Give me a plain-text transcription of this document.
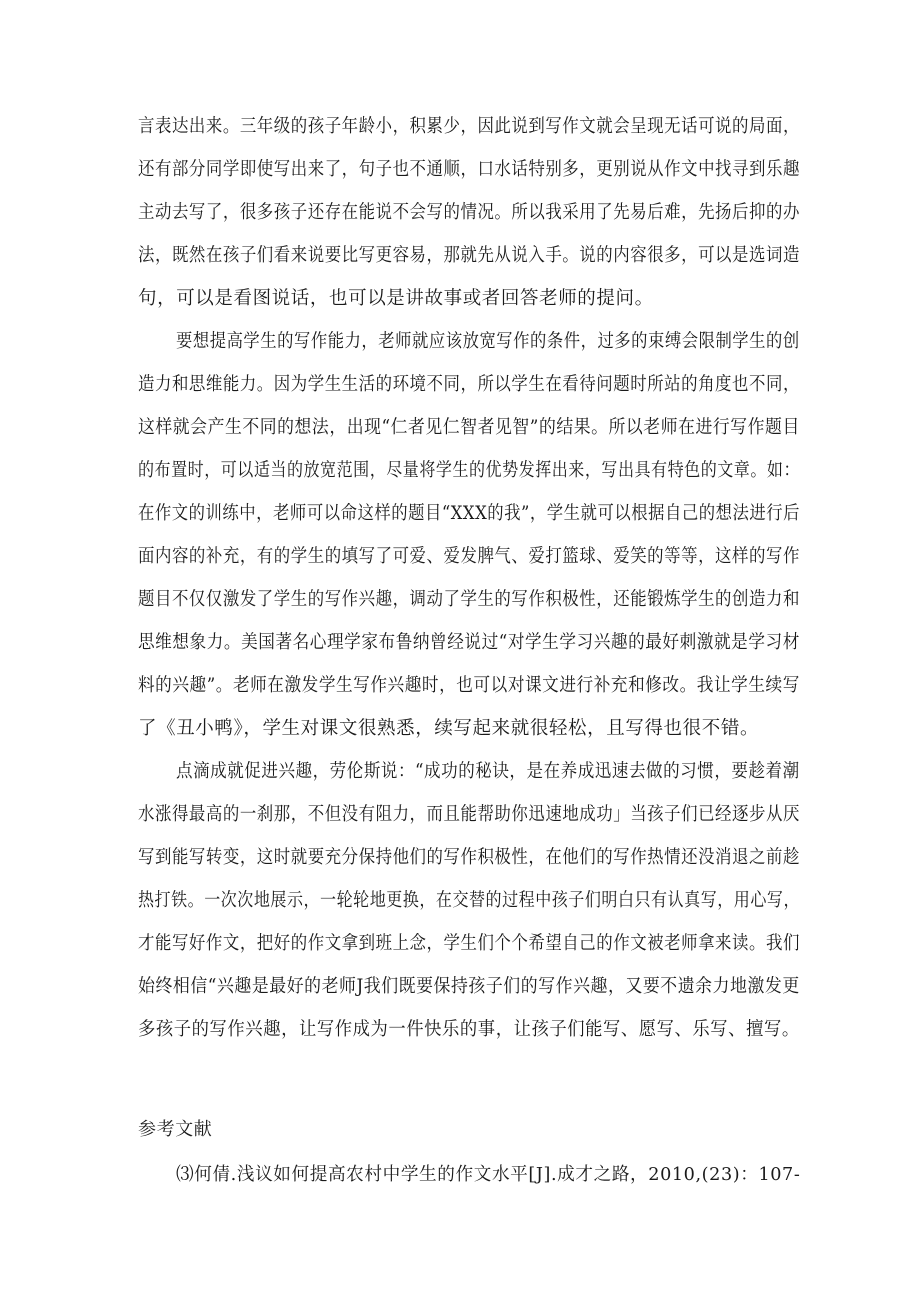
言表达出来。三年级的孩子年龄小，积累少，因此说到写作文就会呈现无话可说的局面，
还有部分同学即使写出来了，句子也不通顺，口水话特别多，更别说从作文中找寻到乐趣
主动去写了，很多孩子还存在能说不会写的情况。所以我采用了先易后难，先扬后抑的办
法，既然在孩子们看来说要比写更容易，那就先从说入手。说的内容很多，可以是选词造
句，可以是看图说话，也可以是讲故事或者回答老师的提问。
要想提高学生的写作能力，老师就应该放宽写作的条件，过多的束缚会限制学生的创
造力和思维能力。因为学生生活的环境不同，所以学生在看待问题时所站的角度也不同，
这样就会产生不同的想法，出现“仁者见仁智者见智”的结果。所以老师在进行写作题目
的布置时，可以适当的放宽范围，尽量将学生的优势发挥出来，写出具有特色的文章。如：
在作文的训练中，老师可以命这样的题目“XXX的我”，学生就可以根据自己的想法进行后
面内容的补充，有的学生的填写了可爱、爱发脾气、爱打篮球、爱笑的等等，这样的写作
题目不仅仅激发了学生的写作兴趣，调动了学生的写作积极性，还能锻炼学生的创造力和
思维想象力。美国著名心理学家布鲁纳曾经说过“对学生学习兴趣的最好刺激就是学习材
料的兴趣”。老师在激发学生写作兴趣时，也可以对课文进行补充和修改。我让学生续写
了《丑小鸭》，学生对课文很熟悉，续写起来就很轻松，且写得也很不错。
点滴成就促进兴趣，劳伦斯说：“成功的秘诀，是在养成迅速去做的习惯，要趁着潮
水涨得最高的一刹那，不但没有阻力，而且能帮助你迅速地成功」当孩子们已经逐步从厌
写到能写转变，这时就要充分保持他们的写作积极性，在他们的写作热情还没消退之前趁
热打铁。一次次地展示，一轮轮地更换，在交替的过程中孩子们明白只有认真写，用心写，
才能写好作文，把好的作文拿到班上念，学生们个个希望自己的作文被老师拿来读。我们
始终相信“兴趣是最好的老师J我们既要保持孩子们的写作兴趣，又要不遗余力地激发更
多孩子的写作兴趣，让写作成为一件快乐的事，让孩子们能写、愿写、乐写、擅写。
参考文献
⑶何倩.浅议如何提高农村中学生的作文水平[J].成才之路，2010,(23)：107-
